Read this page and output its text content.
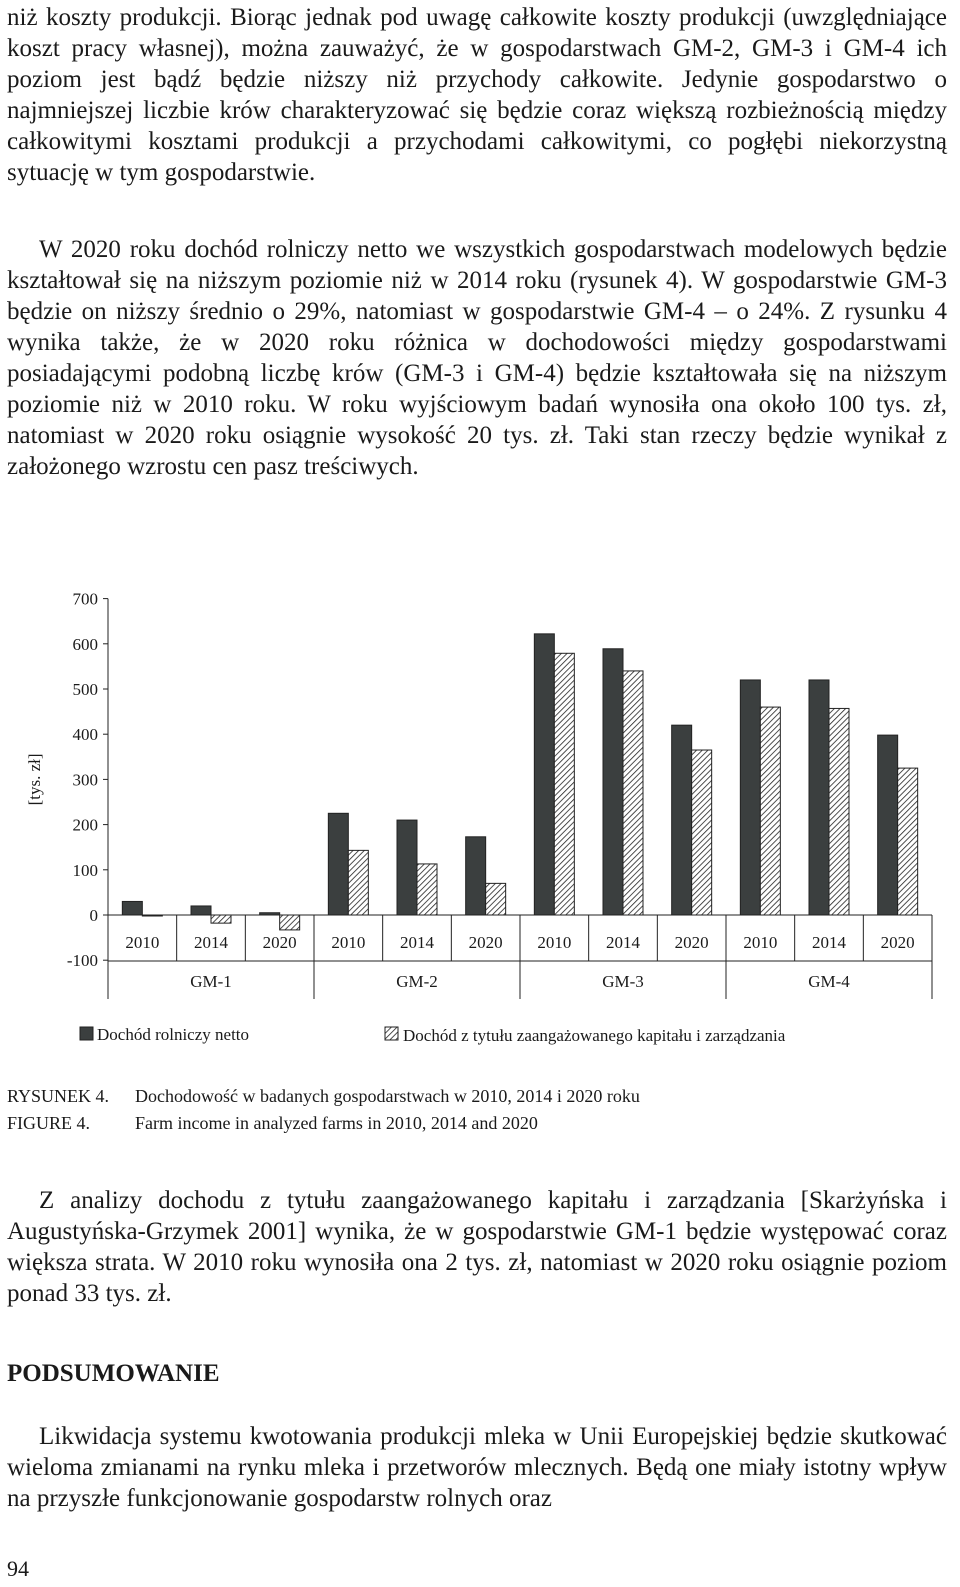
niż koszty produkcji. Biorąc jednak pod uwagę całkowite koszty produkcji (uwzględniające koszt pracy własnej), można zauważyć, że w gospodarstwach GM-2, GM-3 i GM-4 ich poziom jest bądź będzie niższy niż przychody całkowite. Jedynie gospodarstwo o najmniejszej liczbie krów charakteryzować się będzie coraz większą rozbieżnością między całkowitymi kosztami produkcji a przychodami całkowitymi, co pogłębi niekorzystną sytuację w tym gospodarstwie.

W 2020 roku dochód rolniczy netto we wszystkich gospodarstwach modelowych będzie kształtował się na niższym poziomie niż w 2014 roku (rysunek 4). W gospodarstwie GM-3 będzie on niższy średnio o 29%, natomiast w gospodarstwie GM-4 – o 24%. Z rysunku 4 wynika także, że w 2020 roku różnica w dochodowości między gospodarstwami posiadającymi podobną liczbę krów (GM-3 i GM-4) będzie kształtowała się na niższym poziomie niż w 2010 roku. W roku wyjściowym badań wynosiła ona około 100 tys. zł, natomiast w 2020 roku osiągnie wysokość 20 tys. zł. Taki stan rzeczy będzie wynikał z założonego wzrostu cen pasz treściwych.

-100
0
100
200
300
400
500
600
700
[tys. zł]
2010 2014 2020 2010 2014 2020 2010 2014 2020 2010 2014 2020
GM-1	GM-2	GM-3	GM-4
Dochód rolniczy netto	Dochód z tytułu zaangażowanego kapitału i zarządzania
RYSUNEK 4. Dochodowość w badanych gospodarstwach w 2010, 2014 i 2020 roku
FIGURE 4. Farm income in analyzed farms in 2010, 2014 and 2020

Z analizy dochodu z tytułu zaangażowanego kapitału i zarządzania [Skarżyńska i Augustyńska-Grzymek 2001] wynika, że w gospodarstwie GM-1 będzie występować coraz większa strata. W 2010 roku wynosiła ona 2 tys. zł, natomiast w 2020 roku osiągnie poziom ponad 33 tys. zł.

PODSUMOWANIE

Likwidacja systemu kwotowania produkcji mleka w Unii Europejskiej będzie skutkować wieloma zmianami na rynku mleka i przetworów mlecznych. Będą one miały istotny wpływ na przyszłe funkcjonowanie gospodarstw rolnych oraz

94
